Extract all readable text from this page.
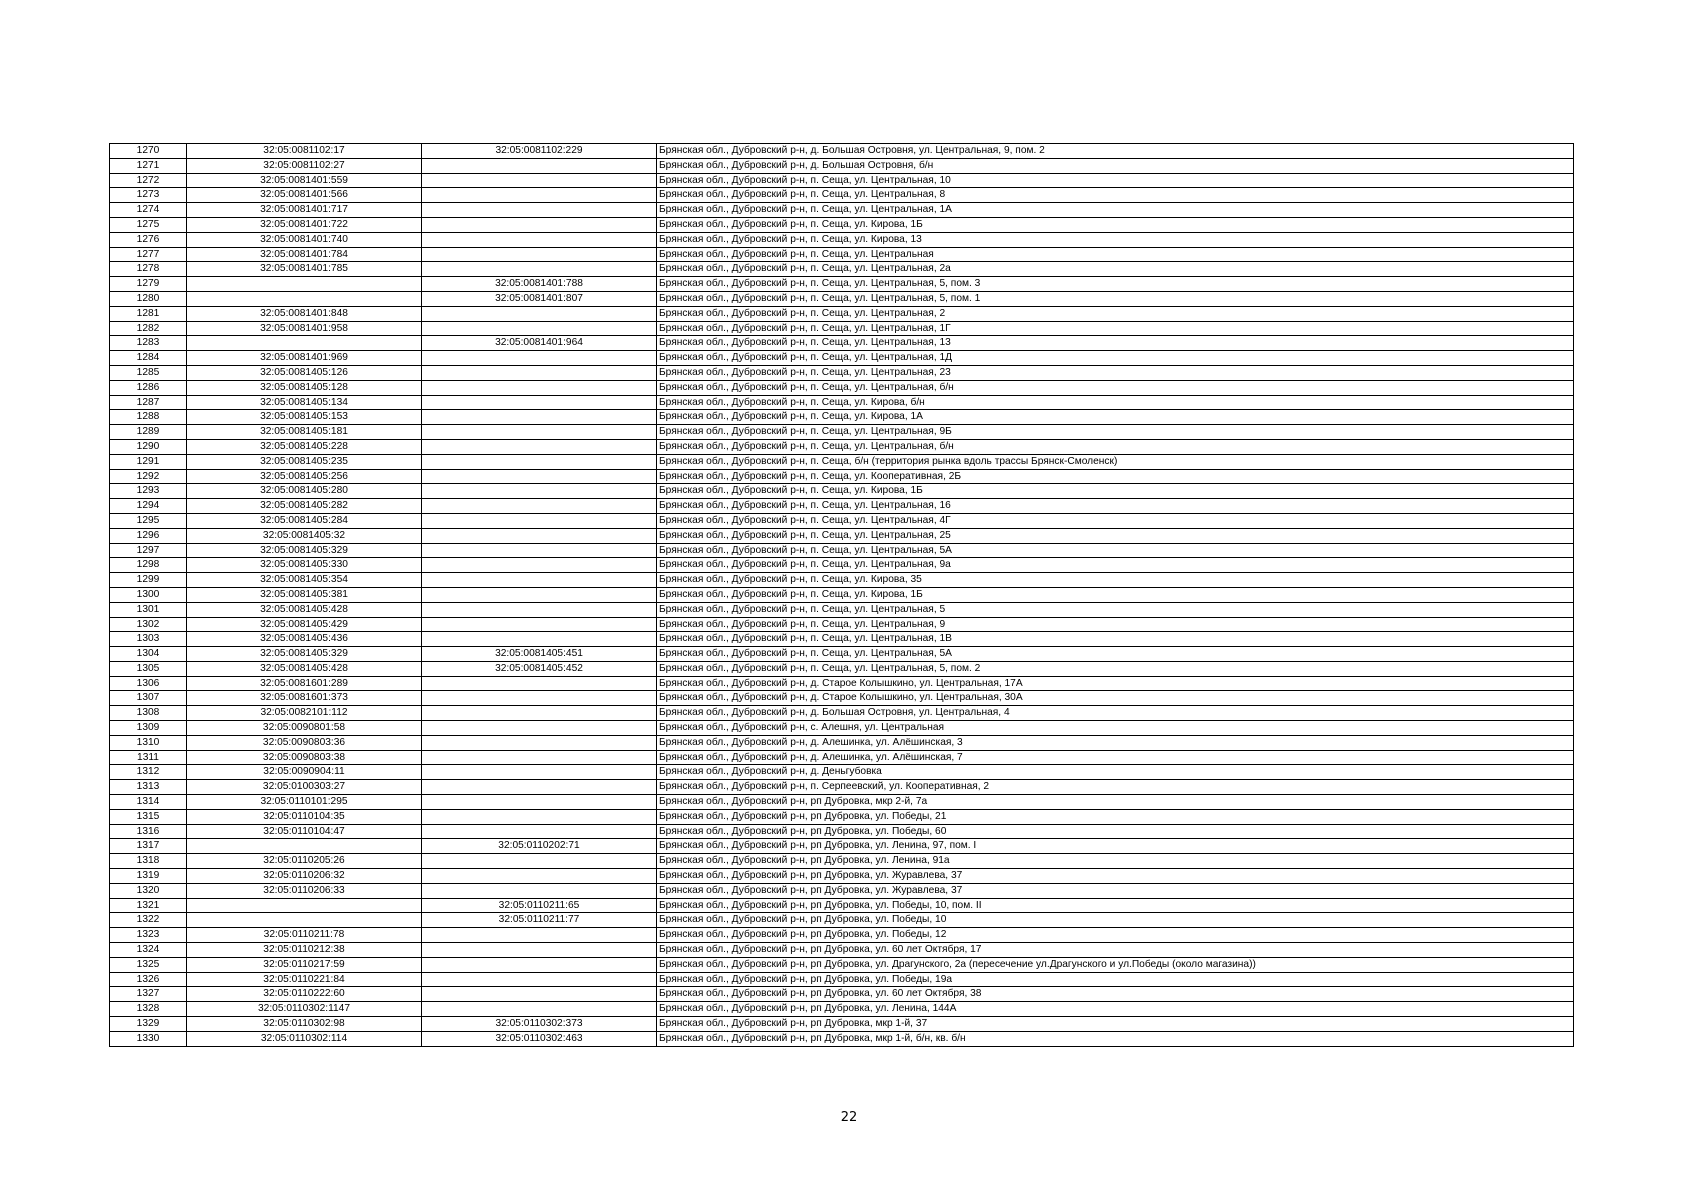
1270	32:05:0081102:17	32:05:0081102:229	Брянская обл., Дубровский р-н, д. Большая Островня, ул. Центральная, 9, пом. 2
1271	32:05:0081102:27		Брянская обл., Дубровский р-н, д. Большая Островня, б/н
1272	32:05:0081401:559		Брянская обл., Дубровский р-н, п. Сеща, ул. Центральная, 10
1273	32:05:0081401:566		Брянская обл., Дубровский р-н, п. Сеща, ул. Центральная, 8
1274	32:05:0081401:717		Брянская обл., Дубровский р-н, п. Сеща, ул. Центральная, 1А
1275	32:05:0081401:722		Брянская обл., Дубровский р-н, п. Сеща, ул. Кирова, 1Б
1276	32:05:0081401:740		Брянская обл., Дубровский р-н, п. Сеща, ул. Кирова, 13
1277	32:05:0081401:784		Брянская обл., Дубровский р-н, п. Сеща, ул. Центральная
1278	32:05:0081401:785		Брянская обл., Дубровский р-н, п. Сеща, ул. Центральная, 2а
1279		32:05:0081401:788	Брянская обл., Дубровский р-н, п. Сеща, ул. Центральная, 5, пом. 3
1280		32:05:0081401:807	Брянская обл., Дубровский р-н, п. Сеща, ул. Центральная, 5, пом. 1
1281	32:05:0081401:848		Брянская обл., Дубровский р-н, п. Сеща, ул. Центральная, 2
1282	32:05:0081401:958		Брянская обл., Дубровский р-н, п. Сеща, ул. Центральная, 1Г
1283		32:05:0081401:964	Брянская обл., Дубровский р-н, п. Сеща, ул. Центральная, 13
1284	32:05:0081401:969		Брянская обл., Дубровский р-н, п. Сеща, ул. Центральная, 1Д
1285	32:05:0081405:126		Брянская обл., Дубровский р-н, п. Сеща, ул. Центральная, 23
1286	32:05:0081405:128		Брянская обл., Дубровский р-н, п. Сеща, ул. Центральная, б/н
1287	32:05:0081405:134		Брянская обл., Дубровский р-н, п. Сеща, ул. Кирова, б/н
1288	32:05:0081405:153		Брянская обл., Дубровский р-н, п. Сеща, ул. Кирова, 1А
1289	32:05:0081405:181		Брянская обл., Дубровский р-н, п. Сеща, ул. Центральная, 9Б
1290	32:05:0081405:228		Брянская обл., Дубровский р-н, п. Сеща, ул. Центральная, б/н
1291	32:05:0081405:235		Брянская обл., Дубровский р-н, п. Сеща, б/н (территория рынка вдоль трассы Брянск-Смоленск)
1292	32:05:0081405:256		Брянская обл., Дубровский р-н, п. Сеща, ул. Кооперативная, 2Б
1293	32:05:0081405:280		Брянская обл., Дубровский р-н, п. Сеща, ул. Кирова, 1Б
1294	32:05:0081405:282		Брянская обл., Дубровский р-н, п. Сеща, ул. Центральная, 16
1295	32:05:0081405:284		Брянская обл., Дубровский р-н, п. Сеща, ул. Центральная, 4Г
1296	32:05:0081405:32		Брянская обл., Дубровский р-н, п. Сеща, ул. Центральная, 25
1297	32:05:0081405:329		Брянская обл., Дубровский р-н, п. Сеща, ул. Центральная, 5А
1298	32:05:0081405:330		Брянская обл., Дубровский р-н, п. Сеща, ул. Центральная, 9а
1299	32:05:0081405:354		Брянская обл., Дубровский р-н, п. Сеща, ул. Кирова, 35
1300	32:05:0081405:381		Брянская обл., Дубровский р-н, п. Сеща, ул. Кирова, 1Б
1301	32:05:0081405:428		Брянская обл., Дубровский р-н, п. Сеща, ул. Центральная, 5
1302	32:05:0081405:429		Брянская обл., Дубровский р-н, п. Сеща, ул. Центральная, 9
1303	32:05:0081405:436		Брянская обл., Дубровский р-н, п. Сеща, ул. Центральная, 1В
1304	32:05:0081405:329	32:05:0081405:451	Брянская обл., Дубровский р-н, п. Сеща, ул. Центральная, 5А
1305	32:05:0081405:428	32:05:0081405:452	Брянская обл., Дубровский р-н, п. Сеща, ул. Центральная, 5, пом. 2
1306	32:05:0081601:289		Брянская обл., Дубровский р-н, д. Старое Колышкино, ул. Центральная, 17А
1307	32:05:0081601:373		Брянская обл., Дубровский р-н, д. Старое Колышкино, ул. Центральная, 30А
1308	32:05:0082101:112		Брянская обл., Дубровский р-н, д. Большая Островня, ул. Центральная, 4
1309	32:05:0090801:58		Брянская обл., Дубровский р-н, с. Алешня, ул. Центральная
1310	32:05:0090803:36		Брянская обл., Дубровский р-н, д. Алешинка, ул. Алёшинская, 3
1311	32:05:0090803:38		Брянская обл., Дубровский р-н, д. Алешинка, ул. Алёшинская, 7
1312	32:05:0090904:11		Брянская обл., Дубровский р-н, д. Деньгубовка
1313	32:05:0100303:27		Брянская обл., Дубровский р-н, п. Серпеевский, ул. Кооперативная, 2
1314	32:05:0110101:295		Брянская обл., Дубровский р-н, рп Дубровка, мкр 2-й, 7а
1315	32:05:0110104:35		Брянская обл., Дубровский р-н, рп Дубровка, ул. Победы, 21
1316	32:05:0110104:47		Брянская обл., Дубровский р-н, рп Дубровка, ул. Победы, 60
1317		32:05:0110202:71	Брянская обл., Дубровский р-н, рп Дубровка, ул. Ленина, 97, пом. I
1318	32:05:0110205:26		Брянская обл., Дубровский р-н, рп Дубровка, ул. Ленина, 91а
1319	32:05:0110206:32		Брянская обл., Дубровский р-н, рп Дубровка, ул. Журавлева, 37
1320	32:05:0110206:33		Брянская обл., Дубровский р-н, рп Дубровка, ул. Журавлева, 37
1321		32:05:0110211:65	Брянская обл., Дубровский р-н, рп Дубровка, ул. Победы, 10, пом. II
1322		32:05:0110211:77	Брянская обл., Дубровский р-н, рп Дубровка, ул. Победы, 10
1323	32:05:0110211:78		Брянская обл., Дубровский р-н, рп Дубровка, ул. Победы, 12
1324	32:05:0110212:38		Брянская обл., Дубровский р-н, рп Дубровка, ул. 60 лет Октября, 17
1325	32:05:0110217:59		Брянская обл., Дубровский р-н, рп Дубровка, ул. Драгунского, 2а (пересечение ул.Драгунского и ул.Победы (около магазина))
1326	32:05:0110221:84		Брянская обл., Дубровский р-н, рп Дубровка, ул. Победы, 19а
1327	32:05:0110222:60		Брянская обл., Дубровский р-н, рп Дубровка, ул. 60 лет Октября, 38
1328	32:05:0110302:1147		Брянская обл., Дубровский р-н, рп Дубровка, ул. Ленина, 144А
1329	32:05:0110302:98	32:05:0110302:373	Брянская обл., Дубровский р-н, рп Дубровка, мкр 1-й, 37
1330	32:05:0110302:114	32:05:0110302:463	Брянская обл., Дубровский р-н, рп Дубровка, мкр 1-й, б/н, кв. б/н
22
